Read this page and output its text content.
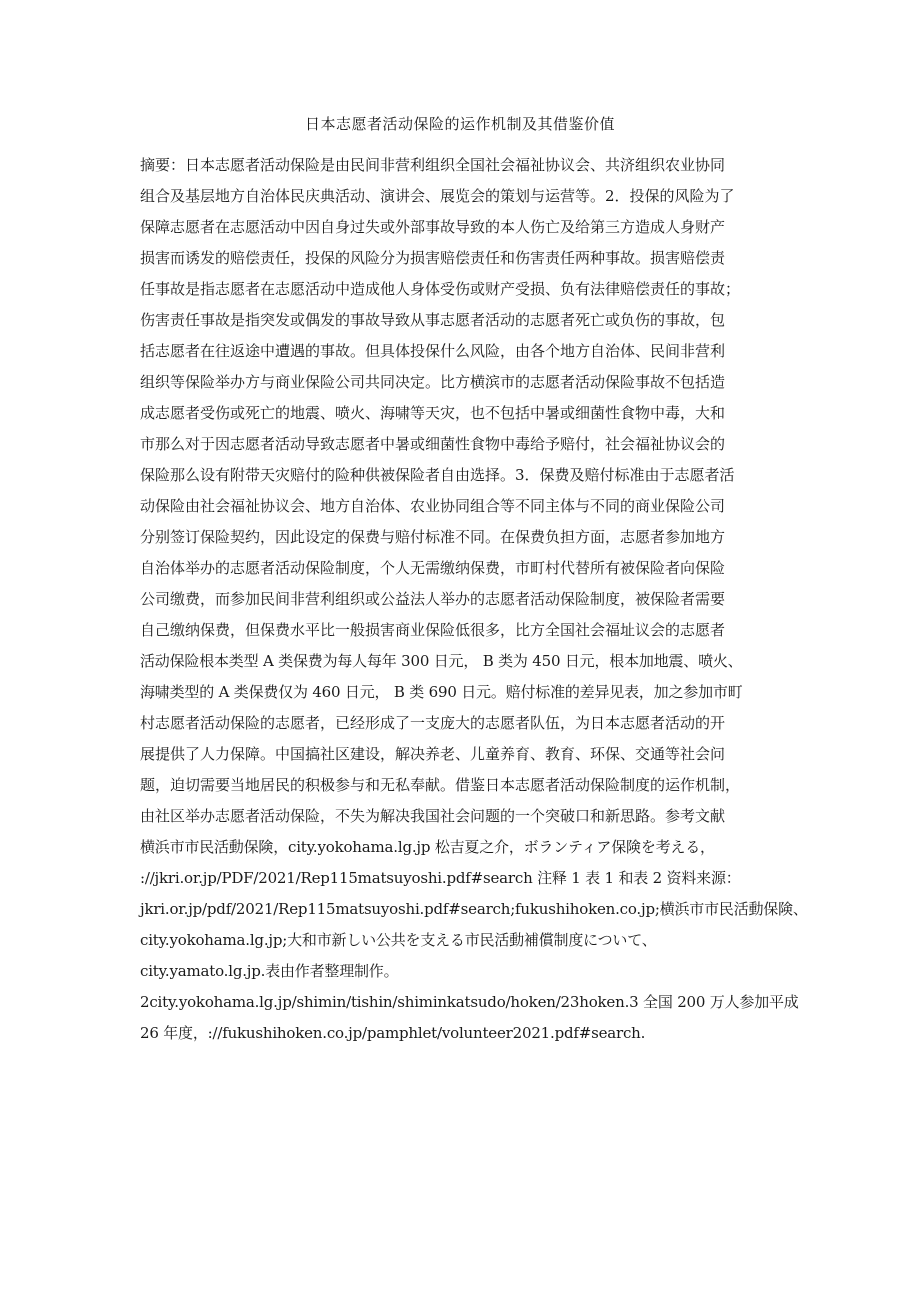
日本志愿者活动保险的运作机制及其借鉴价值
摘要：日本志愿者活动保险是由民间非营利组织全国社会福祉协议会、共济组织农业协同
组合及基层地方自治体民庆典活动、演讲会、展览会的策划与运营等。2．投保的风险为了
保障志愿者在志愿活动中因自身过失或外部事故导致的本人伤亡及给第三方造成人身财产
损害而诱发的赔偿责任，投保的风险分为损害赔偿责任和伤害责任两种事故。损害赔偿责
任事故是指志愿者在志愿活动中造成他人身体受伤或财产受损、负有法律赔偿责任的事故；
伤害责任事故是指突发或偶发的事故导致从事志愿者活动的志愿者死亡或负伤的事故，包
括志愿者在往返途中遭遇的事故。但具体投保什么风险，由各个地方自治体、民间非营利
组织等保险举办方与商业保险公司共同决定。比方横滨市的志愿者活动保险事故不包括造
成志愿者受伤或死亡的地震、喷火、海啸等天灾，也不包括中暑或细菌性食物中毒，大和
市那么对于因志愿者活动导致志愿者中暑或细菌性食物中毒给予赔付，社会福祉协议会的
保险那么设有附带天灾赔付的险种供被保险者自由选择。3．保费及赔付标准由于志愿者活
动保险由社会福祉协议会、地方自治体、农业协同组合等不同主体与不同的商业保险公司
分别签订保险契约，因此设定的保费与赔付标准不同。在保费负担方面，志愿者参加地方
自治体举办的志愿者活动保险制度，个人无需缴纳保费，市町村代替所有被保险者向保险
公司缴费，而参加民间非营利组织或公益法人举办的志愿者活动保险制度，被保险者需要
自己缴纳保费，但保费水平比一般损害商业保险低很多，比方全国社会福址议会的志愿者
活动保险根本类型 A 类保费为每人每年 300 日元， B 类为 450 日元，根本加地震、喷火、
海啸类型的 A 类保费仅为 460 日元， B 类 690 日元。赔付标准的差异见表，加之参加市町
村志愿者活动保险的志愿者，已经形成了一支庞大的志愿者队伍，为日本志愿者活动的开
展提供了人力保障。中国搞社区建设，解决养老、儿童养育、教育、环保、交通等社会问
题，迫切需要当地居民的积极参与和无私奉献。借鉴日本志愿者活动保险制度的运作机制，
由社区举办志愿者活动保险，不失为解决我国社会问题的一个突破口和新思路。参考文献
横浜市市民活動保険，city.yokohama.lg.jp 松吉夏之介，ボランティア保険を考える，
://jkri.or.jp/PDF/2021/Rep115matsuyoshi.pdf#search 注释 1 表 1 和表 2 资料来源：
jkri.or.jp/pdf/2021/Rep115matsuyoshi.pdf#search;fukushihoken.co.jp;横浜市市民活動保険、
city.yokohama.lg.jp;大和市新しい公共を支える市民活動補償制度について、
city.yamato.lg.jp.表由作者整理制作。
2city.yokohama.lg.jp/shimin/tishin/shiminkatsudo/hoken/23hoken.3 全国 200 万人参加平成
26 年度，://fukushihoken.co.jp/pamphlet/volunteer2021.pdf#search.
